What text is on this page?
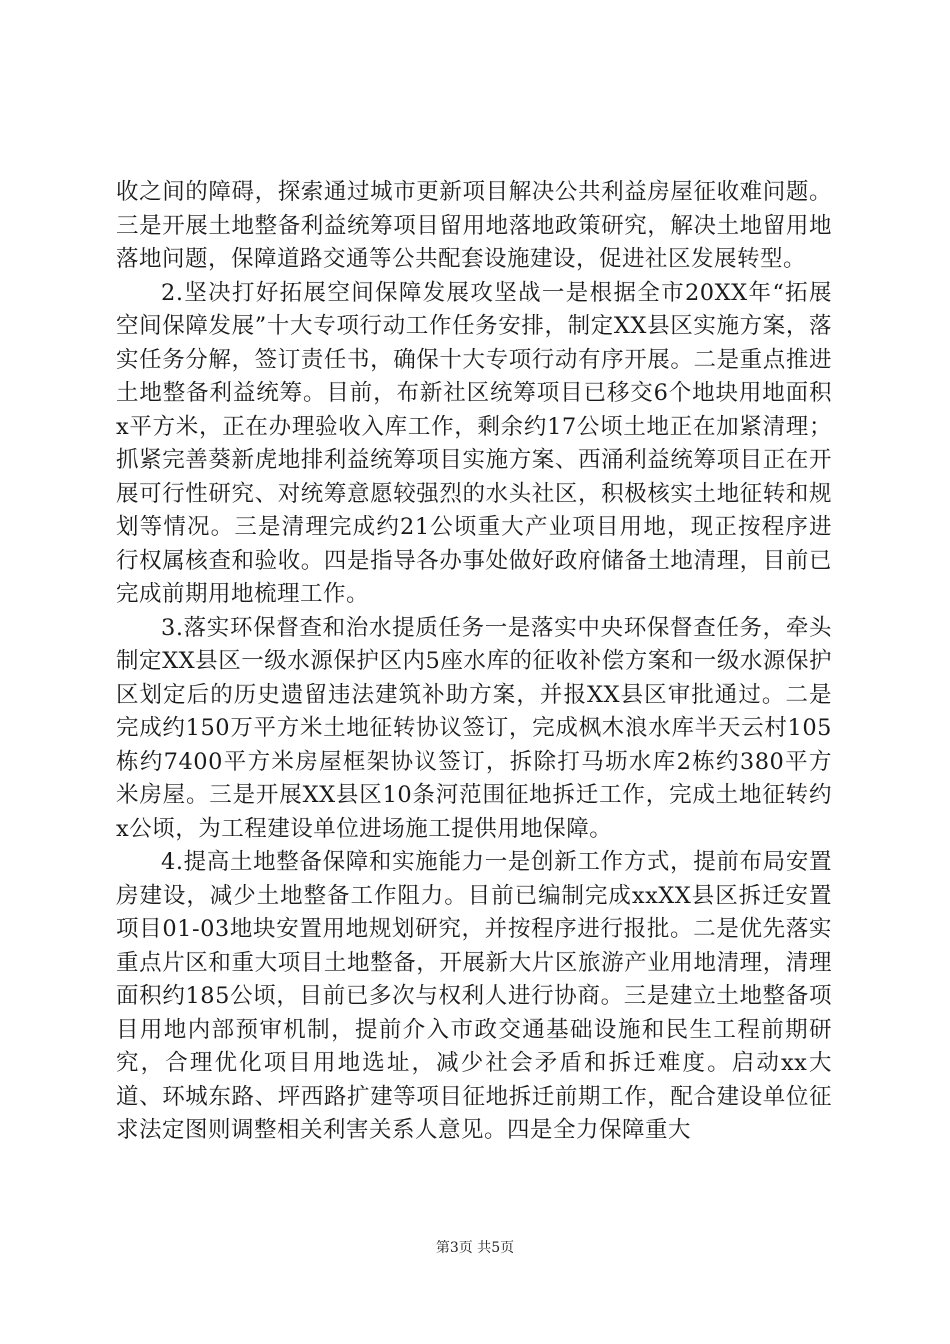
收之间的障碍，探索通过城市更新项目解决公共利益房屋征收难问题。三是开展土地整备利益统筹项目留用地落地政策研究，解决土地留用地落地问题，保障道路交通等公共配套设施建设，促进社区发展转型。

2.坚决打好拓展空间保障发展攻坚战一是根据全市20XX年“拓展空间保障发展”十大专项行动工作任务安排，制定XX县区实施方案，落实任务分解，签订责任书，确保十大专项行动有序开展。二是重点推进土地整备利益统筹。目前，布新社区统筹项目已移交6个地块用地面积x平方米，正在办理验收入库工作，剩余约17公顷土地正在加紧清理；抓紧完善葵新虎地排利益统筹项目实施方案、西涌利益统筹项目正在开展可行性研究、对统筹意愿较强烈的水头社区，积极核实土地征转和规划等情况。三是清理完成约21公顷重大产业项目用地，现正按程序进行权属核查和验收。四是指导各办事处做好政府储备土地清理，目前已完成前期用地梳理工作。

3.落实环保督查和治水提质任务一是落实中央环保督查任务，牵头制定XX县区一级水源保护区内5座水库的征收补偿方案和一级水源保护区划定后的历史遗留违法建筑补助方案，并报XX县区审批通过。二是完成约150万平方米土地征转协议签订，完成枫木浪水库半天云村105栋约7400平方米房屋框架协议签订，拆除打马坜水库2栋约380平方米房屋。三是开展XX县区10条河范围征地拆迁工作，完成土地征转约x公顷，为工程建设单位进场施工提供用地保障。

4.提高土地整备保障和实施能力一是创新工作方式，提前布局安置房建设，减少土地整备工作阻力。目前已编制完成xxXX县区拆迁安置项目01-03地块安置用地规划研究，并按程序进行报批。二是优先落实重点片区和重大项目土地整备，开展新大片区旅游产业用地清理，清理面积约185公顷，目前已多次与权利人进行协商。三是建立土地整备项目用地内部预审机制，提前介入市政交通基础设施和民生工程前期研究，合理优化项目用地选址，减少社会矛盾和拆迁难度。启动xx大道、环城东路、坪西路扩建等项目征地拆迁前期工作，配合建设单位征求法定图则调整相关利害关系人意见。四是全力保障重大

第3页 共5页
